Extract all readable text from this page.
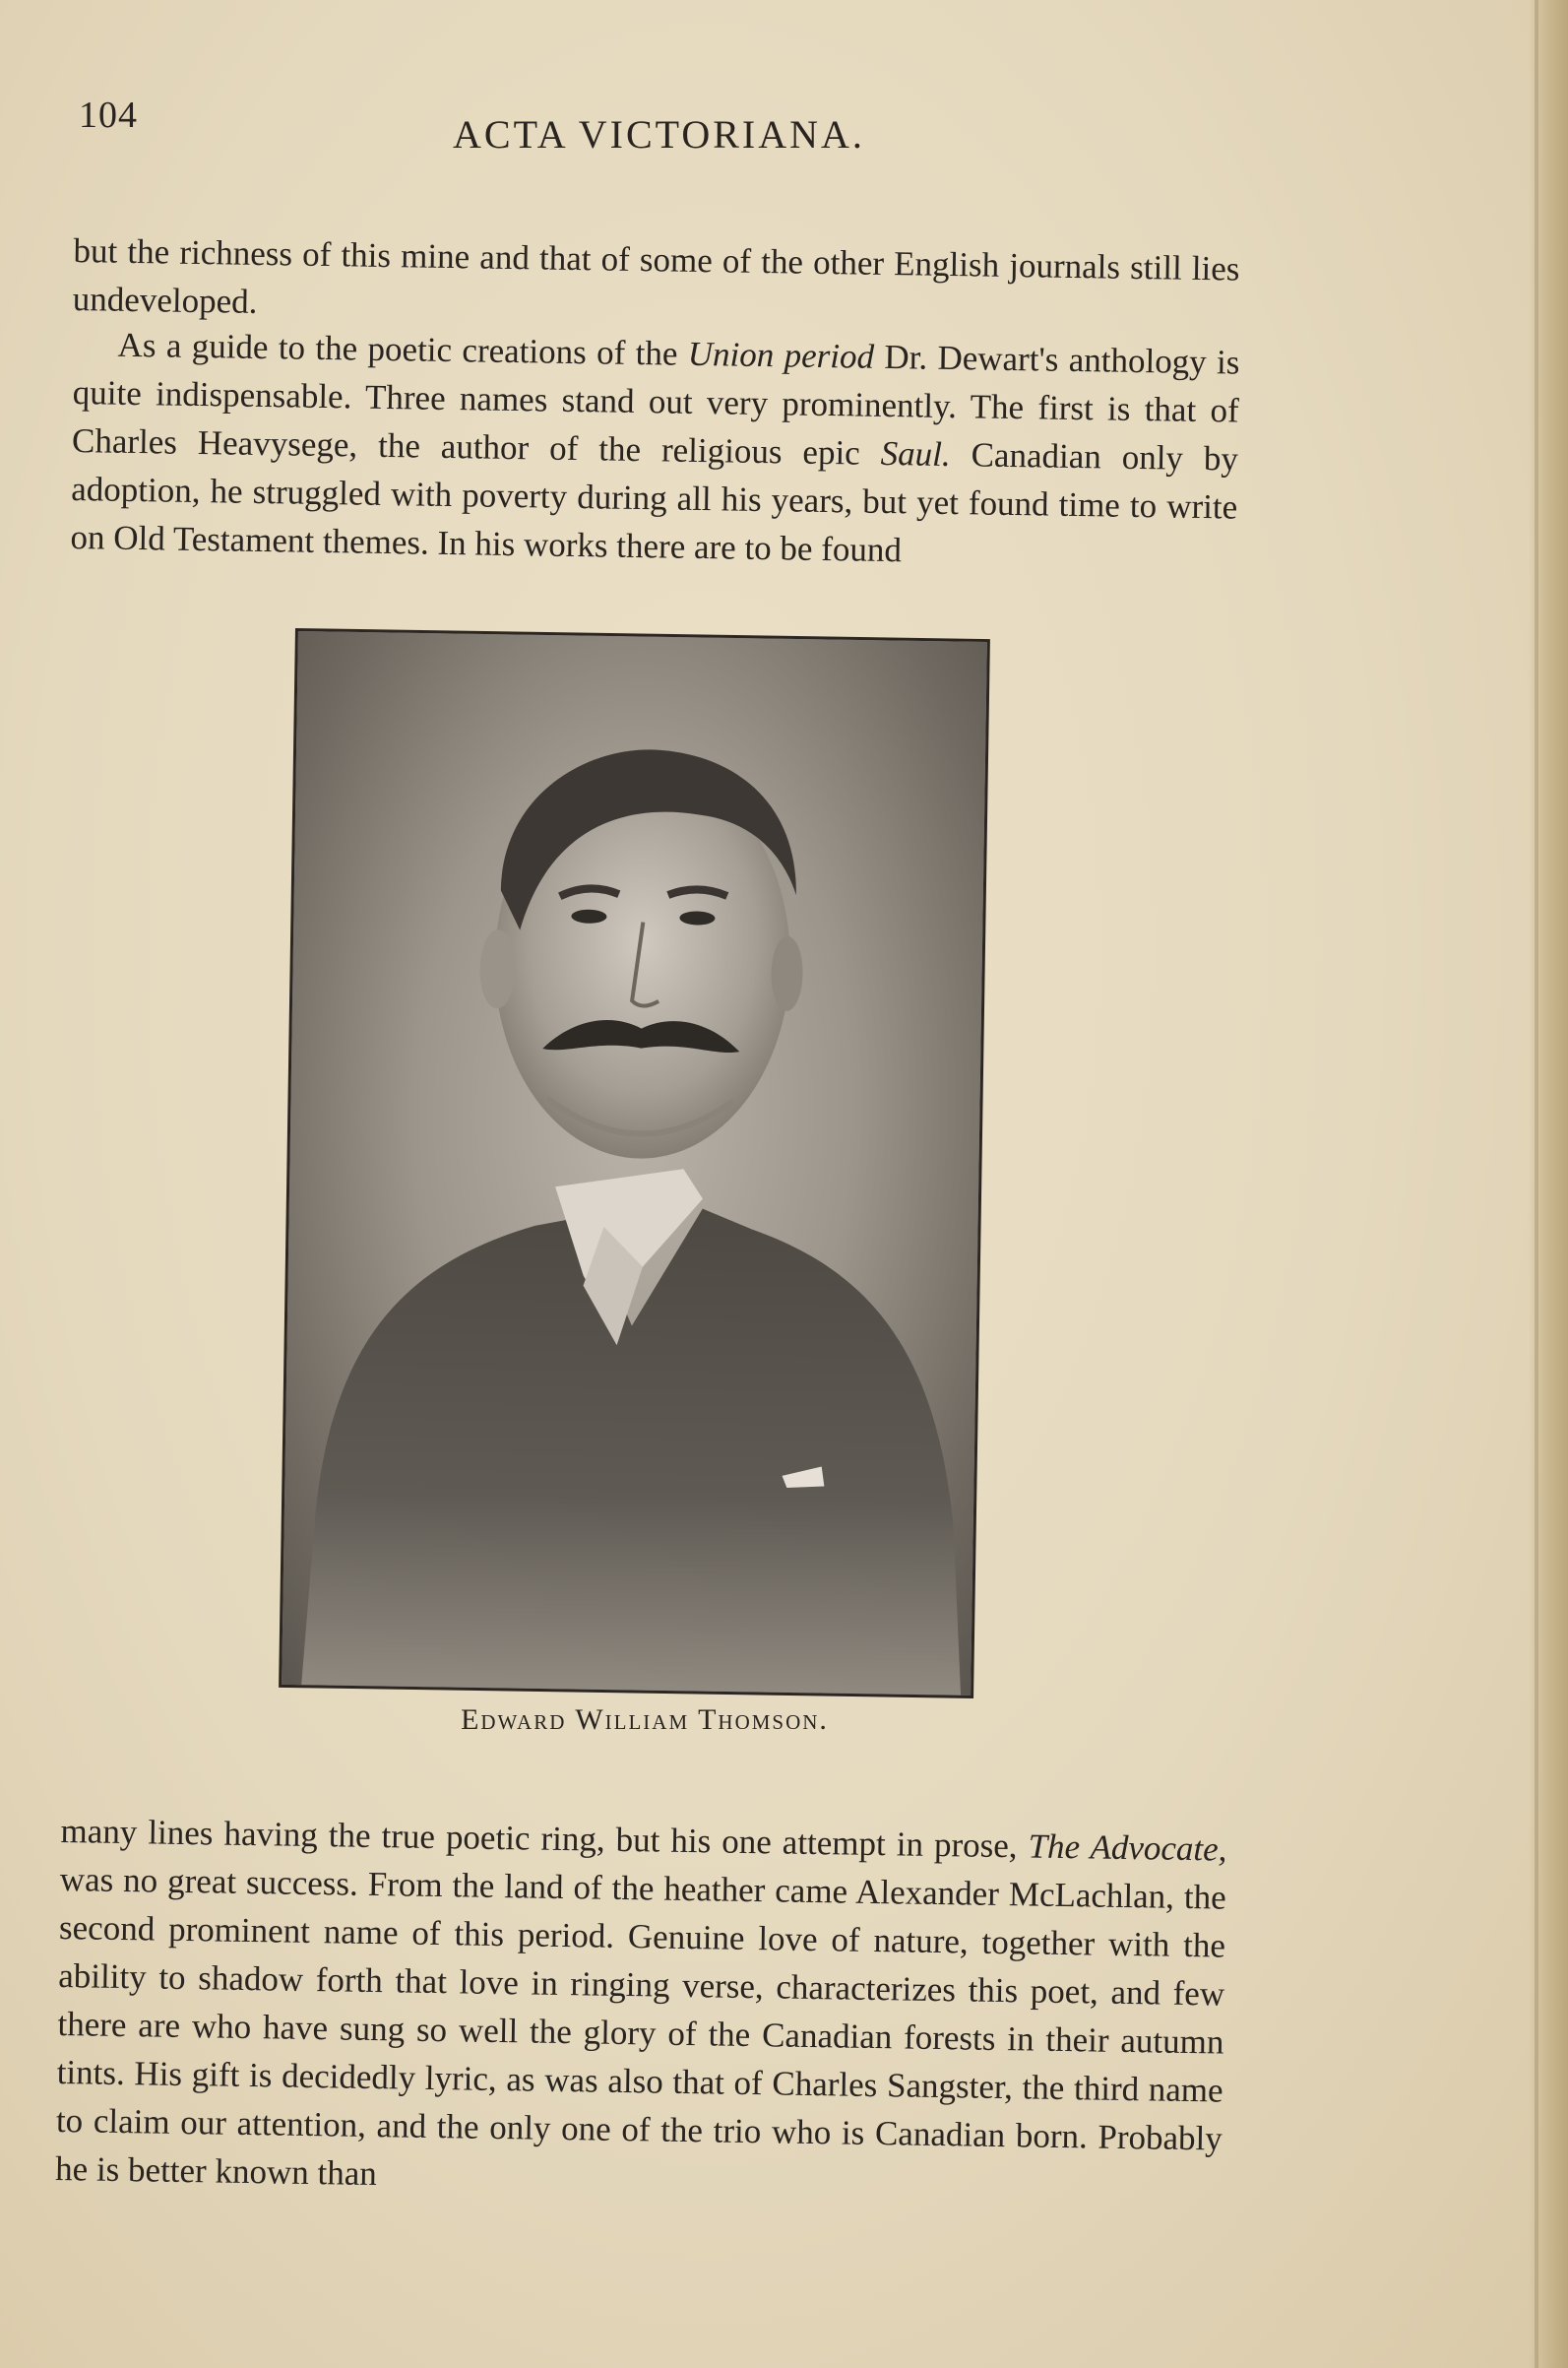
104	ACTA VICTORIANA.

but the richness of this mine and that of some of the other English journals still lies undeveloped.

As a guide to the poetic creations of the Union period Dr. Dewart's anthology is quite indispensable. Three names stand out very prominently. The first is that of Charles Heavysege, the author of the religious epic Saul. Canadian only by adoption, he struggled with poverty during all his years, but yet found time to write on Old Testament themes. In his works there are to be found

Edward William Thomson.

many lines having the true poetic ring, but his one attempt in prose, The Advocate, was no great success. From the land of the heather came Alexander McLachlan, the second prominent name of this period. Genuine love of nature, together with the ability to shadow forth that love in ringing verse, characterizes this poet, and few there are who have sung so well the glory of the Canadian forests in their autumn tints. His gift is decidedly lyric, as was also that of Charles Sangster, the third name to claim our attention, and the only one of the trio who is Canadian born. Probably he is better known than
